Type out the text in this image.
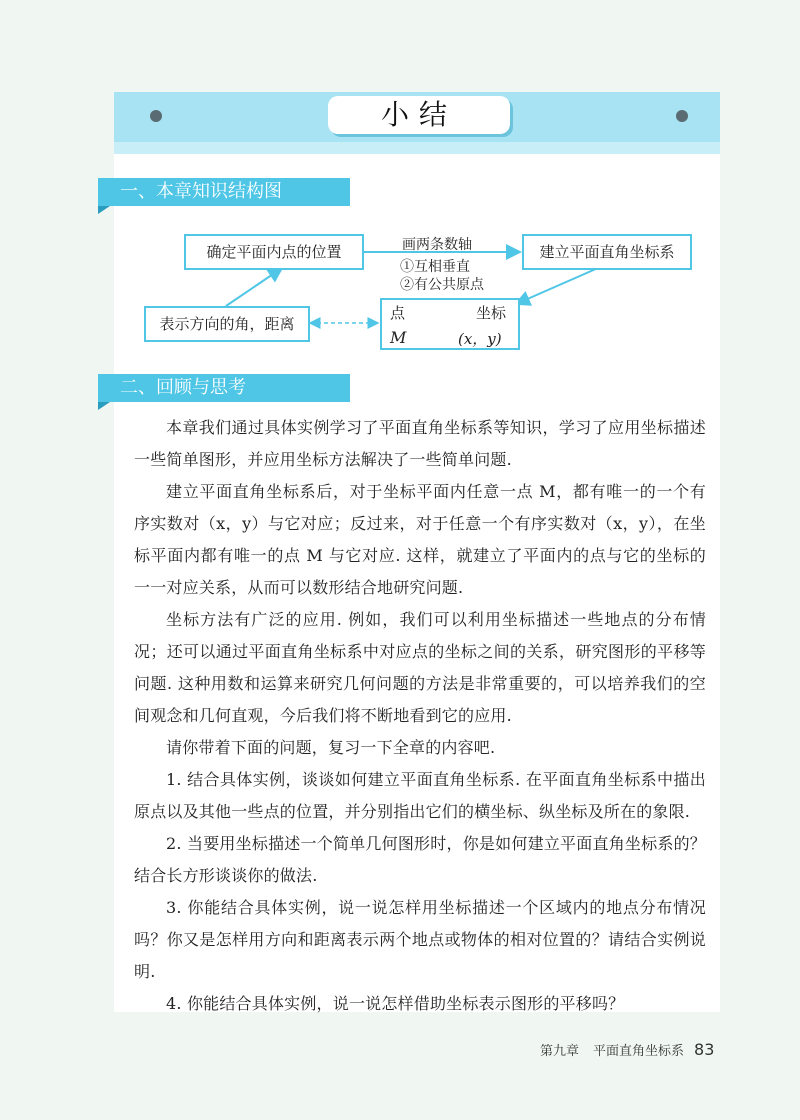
小结
一、本章知识结构图
确定平面内点的位置	建立平面直角坐标系
表示方向的角，距离
画两条数轴
①互相垂直
②有公共原点
点	坐标
M	(x，y)
二、回顾与思考

本章我们通过具体实例学习了平面直角坐标系等知识，学习了应用坐标描述一些简单图形，并应用坐标方法解决了一些简单问题.

建立平面直角坐标系后，对于坐标平面内任意一点 M，都有唯一的一个有序实数对（x，y）与它对应；反过来，对于任意一个有序实数对（x，y），在坐标平面内都有唯一的点 M 与它对应. 这样，就建立了平面内的点与它的坐标的一一对应关系，从而可以数形结合地研究问题.

坐标方法有广泛的应用. 例如，我们可以利用坐标描述一些地点的分布情况；还可以通过平面直角坐标系中对应点的坐标之间的关系，研究图形的平移等问题. 这种用数和运算来研究几何问题的方法是非常重要的，可以培养我们的空间观念和几何直观，今后我们将不断地看到它的应用.

请你带着下面的问题，复习一下全章的内容吧.

1. 结合具体实例，谈谈如何建立平面直角坐标系. 在平面直角坐标系中描出原点以及其他一些点的位置，并分别指出它们的横坐标、纵坐标及所在的象限.

2. 当要用坐标描述一个简单几何图形时，你是如何建立平面直角坐标系的？结合长方形谈谈你的做法.

3. 你能结合具体实例，说一说怎样用坐标描述一个区域内的地点分布情况吗？你又是怎样用方向和距离表示两个地点或物体的相对位置的？请结合实例说明.

4. 你能结合具体实例，说一说怎样借助坐标表示图形的平移吗？

第九章 平面直角坐标系 83
